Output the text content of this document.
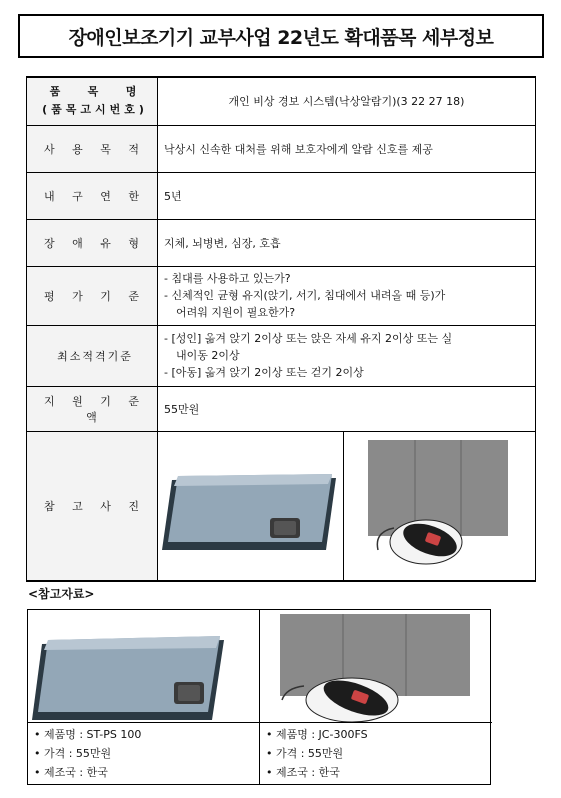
장애인보조기기 교부사업 22년도 확대품목 세부정보
품   목   명
(품목고시번호)	개인 비상 경보 시스템(낙상알람기)(3 22 27 18)	
사 용 목 적	낙상시 신속한 대처를 위해 보호자에게 알람 신호를 제공	
내 구 연 한	5년	
장 애 유 형	지체, 뇌병변, 심장, 호흡	
평 가 기 준	- 침대를 사용하고 있는가?
- 신체적인 균형 유지(앉기, 서기, 침대에서 내려올 때 등)가
어려워 지원이 필요한가?	

최소적격기준	- [성인] 옮겨 앉기 2이상 또는 앉은 자세 유지 2이상 또는 실
내이동 2이상
- [아동] 옮겨 앉기 2이상 또는 걷기 2이상	

지 원 기 준 액	55만원	
참 고 사 진		
<참고자료>
• 제품명 : ST-PS 100
• 가격 : 55만원
• 제조국 : 한국
• 제품명 : JC-300FS
• 가격 : 55만원
• 제조국 : 한국
